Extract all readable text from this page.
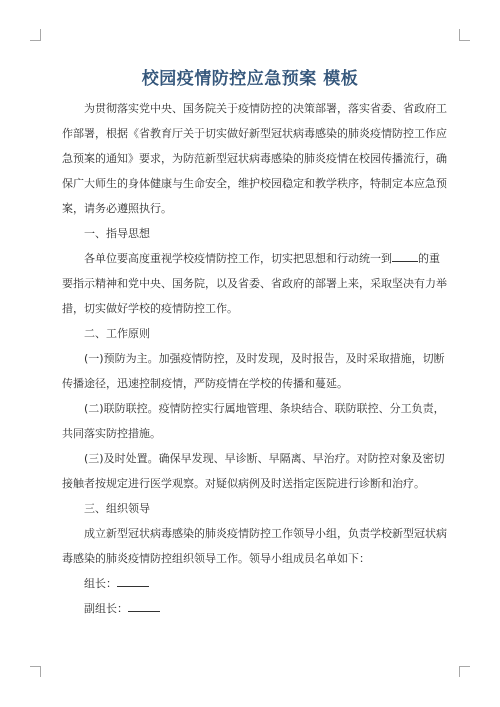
校园疫情防控应急预案 模板

为贯彻落实党中央、国务院关于疫情防控的决策部署，落实省委、省政府工作部署，根据《省教育厅关于切实做好新型冠状病毒感染的肺炎疫情防控工作应急预案的通知》要求，为防范新型冠状病毒感染的肺炎疫情在校园传播流行，确保广大师生的身体健康与生命安全，维护校园稳定和教学秩序，特制定本应急预案，请务必遵照执行。

一、指导思想

各单位要高度重视学校疫情防控工作，切实把思想和行动统一到 的重要指示精神和党中央、国务院，以及省委、省政府的部署上来，采取坚决有力举措，切实做好学校的疫情防控工作。

二、工作原则

(一)预防为主。加强疫情防控，及时发现，及时报告，及时采取措施，切断传播途径，迅速控制疫情，严防疫情在学校的传播和蔓延。

(二)联防联控。疫情防控实行属地管理、条块结合、联防联控、分工负责，共同落实防控措施。

(三)及时处置。确保早发现、早诊断、早隔离、早治疗。对防控对象及密切接触者按规定进行医学观察。对疑似病例及时送指定医院进行诊断和治疗。

三、组织领导

成立新型冠状病毒感染的肺炎疫情防控工作领导小组，负责学校新型冠状病毒感染的肺炎疫情防控组织领导工作。领导小组成员名单如下：

组长：

副组长：
